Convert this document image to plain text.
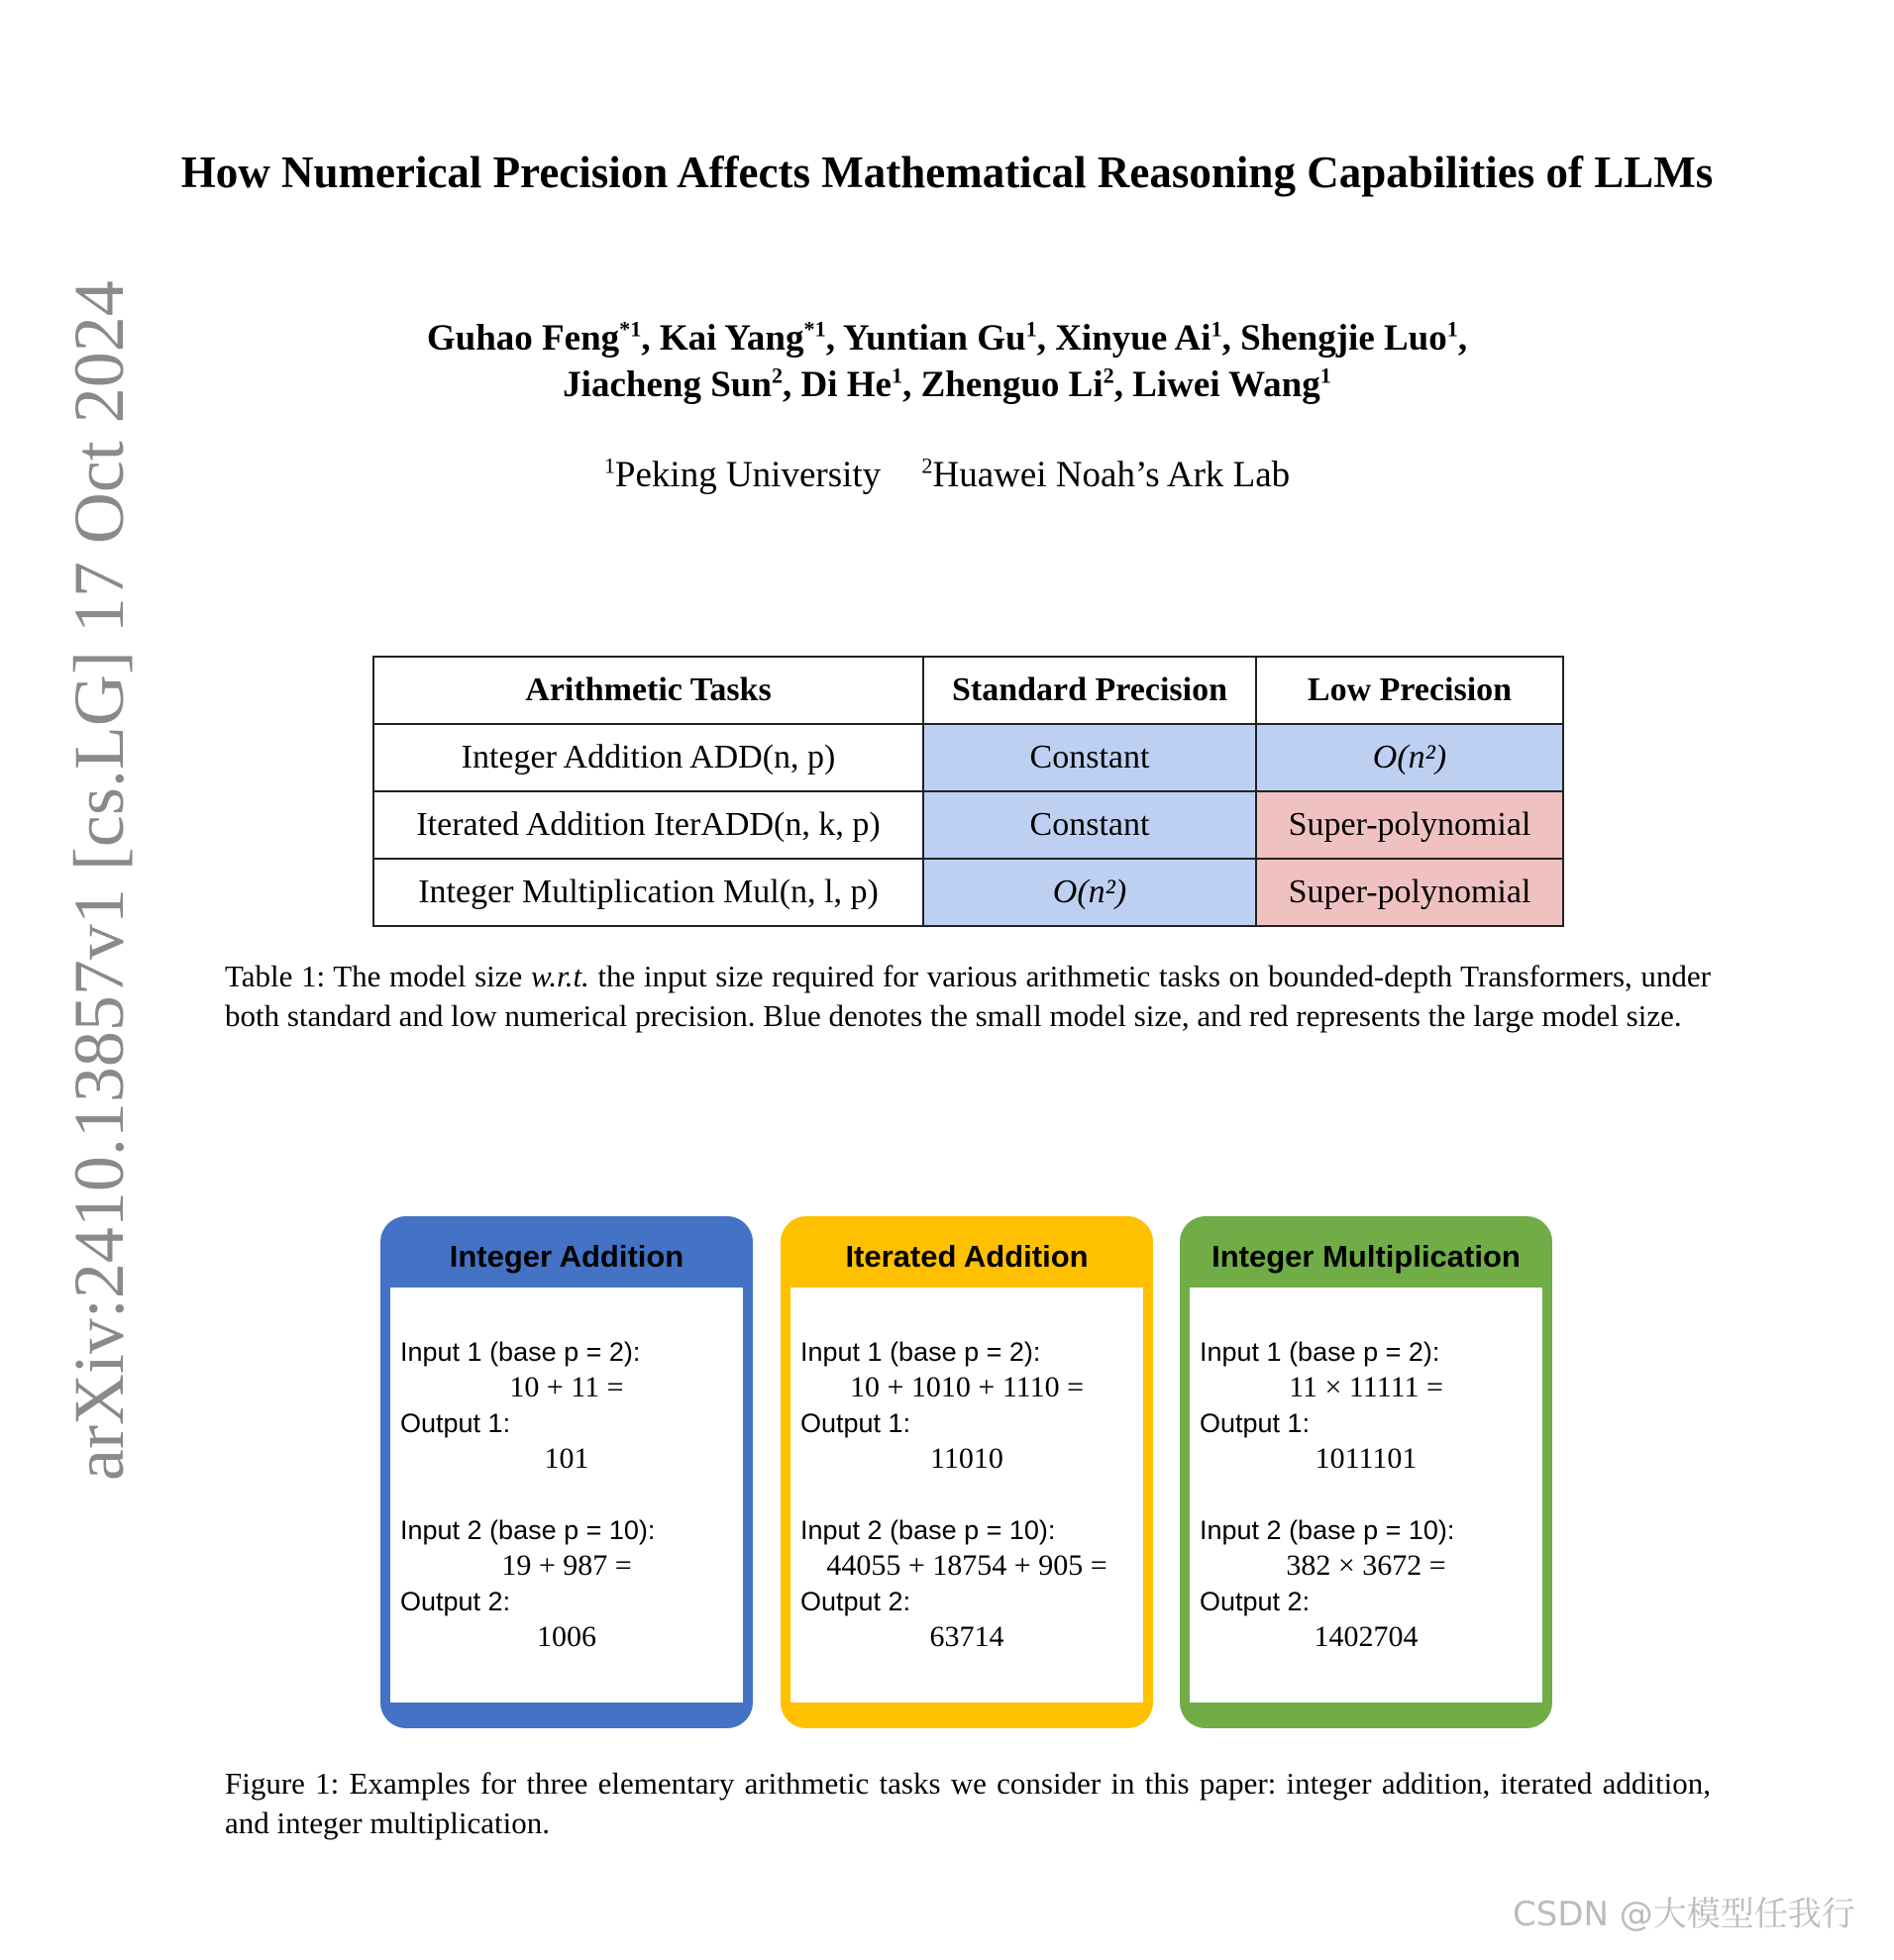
arXiv:2410.13857v1 [cs.LG] 17 Oct 2024
How Numerical Precision Affects Mathematical Reasoning Capabilities of LLMs
Guhao Feng$^{*1}$, Kai Yang$^{*1}$, Yuntian Gu$^1$, Xinyue Ai$^1$, Shengjie Luo$^1$,
Jiacheng Sun$^2$, Di He$^1$, Zhenguo Li$^2$, Liwei Wang$^1$
$^1$Peking University $^2$Huawei Noah’s Ark Lab
Arithmetic Tasks	Standard Precision	Low Precision
Integer Addition ADD(n, p)	Constant	O(n²)
Iterated Addition IterADD(n, k, p)	Constant	Super-polynomial
Integer Multiplication Mul(n, l, p)	O(n²)	Super-polynomial
Table 1: The model size w.r.t. the input size required for various arithmetic tasks on bounded-depth Transformers, under both standard and low numerical precision. Blue denotes the small model size, and red represents the large model size.
Integer Addition
Input 1 (base p = 2):
10 + 11 =
Output 1:
101
Input 2 (base p = 10):
19 + 987 =
Output 2:
1006
Iterated Addition
Input 1 (base p = 2):
10 + 1010 + 1110 =
Output 1:
11010
Input 2 (base p = 10):
44055 + 18754 + 905 =
Output 2:
63714
Integer Multiplication
Input 1 (base p = 2):
11 × 11111 =
Output 1:
1011101
Input 2 (base p = 10):
382 × 3672 =
Output 2:
1402704
Figure 1: Examples for three elementary arithmetic tasks we consider in this paper: integer addition, iterated addition, and integer multiplication.
CSDN @大模型任我行
